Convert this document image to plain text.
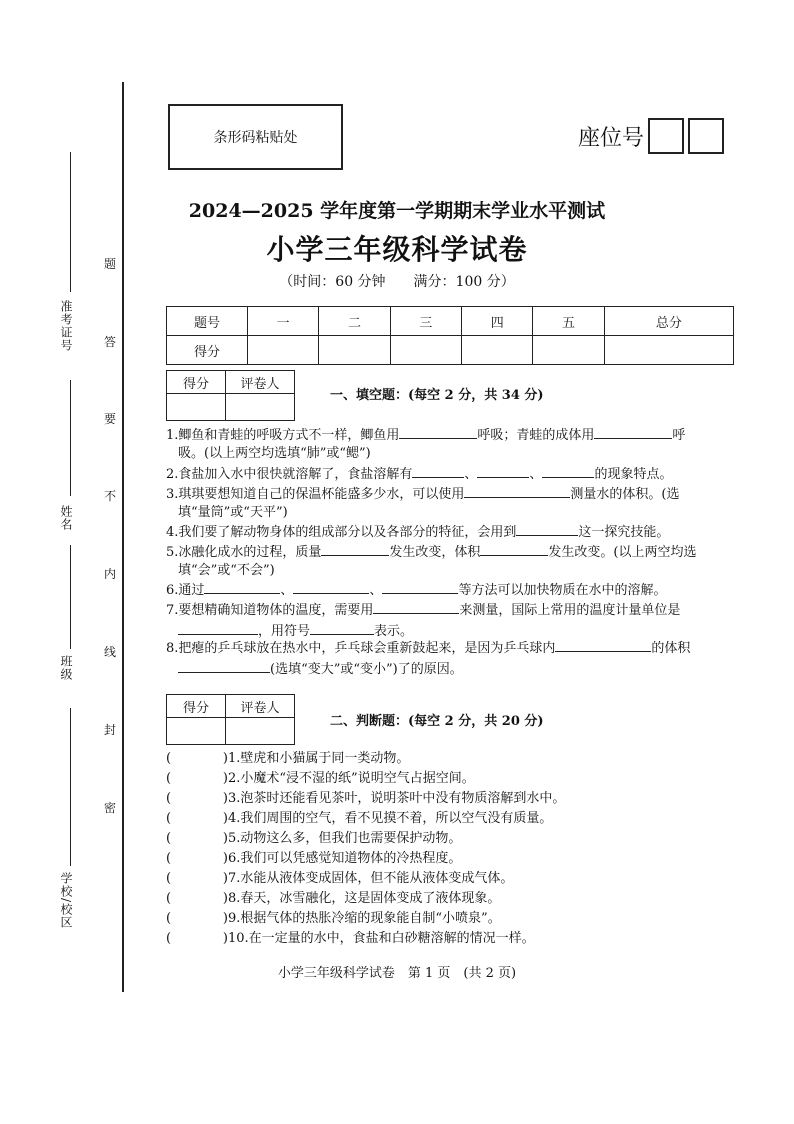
准考证号
姓名
班级
学校/校区
题
答
要
不
内
线
封
密
条形码粘贴处	座位号
2024—2025 学年度第一学期期末学业水平测试
小学三年级科学试卷
（时间：60 分钟　　满分：100 分）
题号	一	二	三	四	五	总分
得分						
得分	评卷人

一、填空题：(每空 2 分，共 34 分)
1.鲫鱼和青蛙的呼吸方式不一样，鲫鱼用	呼吸；青蛙的成体用	呼
吸。(以上两空均选填“肺”或“鳃”)
2.食盐加入水中很快就溶解了，食盐溶解有	、	、	的现象特点。
3.琪琪要想知道自己的保温杯能盛多少水，可以使用	测量水的体积。(选
填“量筒”或“天平”)
4.我们要了解动物身体的组成部分以及各部分的特征，会用到	这一探究技能。
5.冰融化成水的过程，质量	发生改变，体积	发生改变。(以上两空均选
填“会”或“不会”)
6.通过	、	、	等方法可以加快物质在水中的溶解。
7.要想精确知道物体的温度，需要用	来测量，国际上常用的温度计量单位是
，用符号	表示。
8.把瘪的乒乓球放在热水中，乒乓球会重新鼓起来，是因为乒乓球内	的体积
(选填“变大”或“变小”)了的原因。
得分	评卷人

二、判断题：(每空 2 分，共 20 分)
(	) 1.壁虎和小猫属于同一类动物。
(	) 2.小魔术“浸不湿的纸”说明空气占据空间。
(	) 3.泡茶时还能看见茶叶，说明茶叶中没有物质溶解到水中。
(	) 4.我们周围的空气，看不见摸不着，所以空气没有质量。
(	) 5.动物这么多，但我们也需要保护动物。
(	) 6.我们可以凭感觉知道物体的冷热程度。
(	) 7.水能从液体变成固体，但不能从液体变成气体。
(	) 8.春天，冰雪融化，这是固体变成了液体现象。
(	) 9.根据气体的热胀冷缩的现象能自制“小喷泉”。
(	) 10.在一定量的水中，食盐和白砂糖溶解的情况一样。
小学三年级科学试卷　第 1 页　(共 2 页)
